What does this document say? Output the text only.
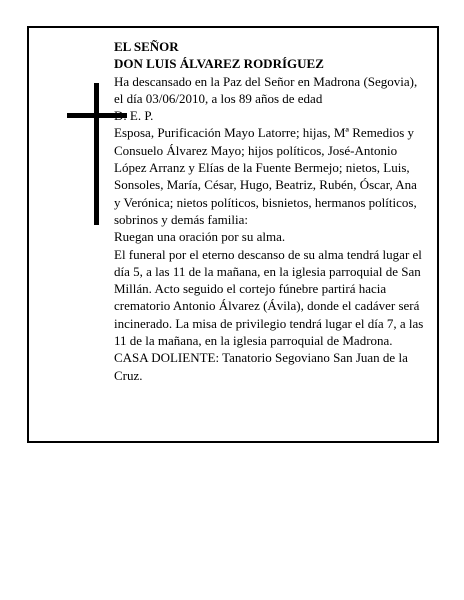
EL SEÑOR

DON LUIS ÁLVAREZ RODRÍGUEZ

Ha descansado en la Paz del Señor en Madrona (Segovia), el día 03/06/2010, a los 89 años de edad

D. E. P.

Esposa, Purificación Mayo Latorre; hijas, Mª Remedios y Consuelo Álvarez Mayo; hijos políticos, José-Antonio López Arranz y Elías de la Fuente Bermejo; nietos, Luis, Sonsoles, María, César, Hugo, Beatriz, Rubén, Óscar, Ana y Verónica; nietos políticos, bisnietos, hermanos políticos, sobrinos y demás familia:

Ruegan una oración por su alma.

El funeral por el eterno descanso de su alma tendrá lugar el día 5, a las 11 de la mañana, en la iglesia parroquial de San Millán. Acto seguido el cortejo fúnebre partirá hacia crematorio Antonio Álvarez (Ávila), donde el cadáver será incinerado. La misa de privilegio tendrá lugar el día 7, a las 11 de la mañana, en la iglesia parroquial de Madrona.

CASA DOLIENTE: Tanatorio Segoviano San Juan de la Cruz.
